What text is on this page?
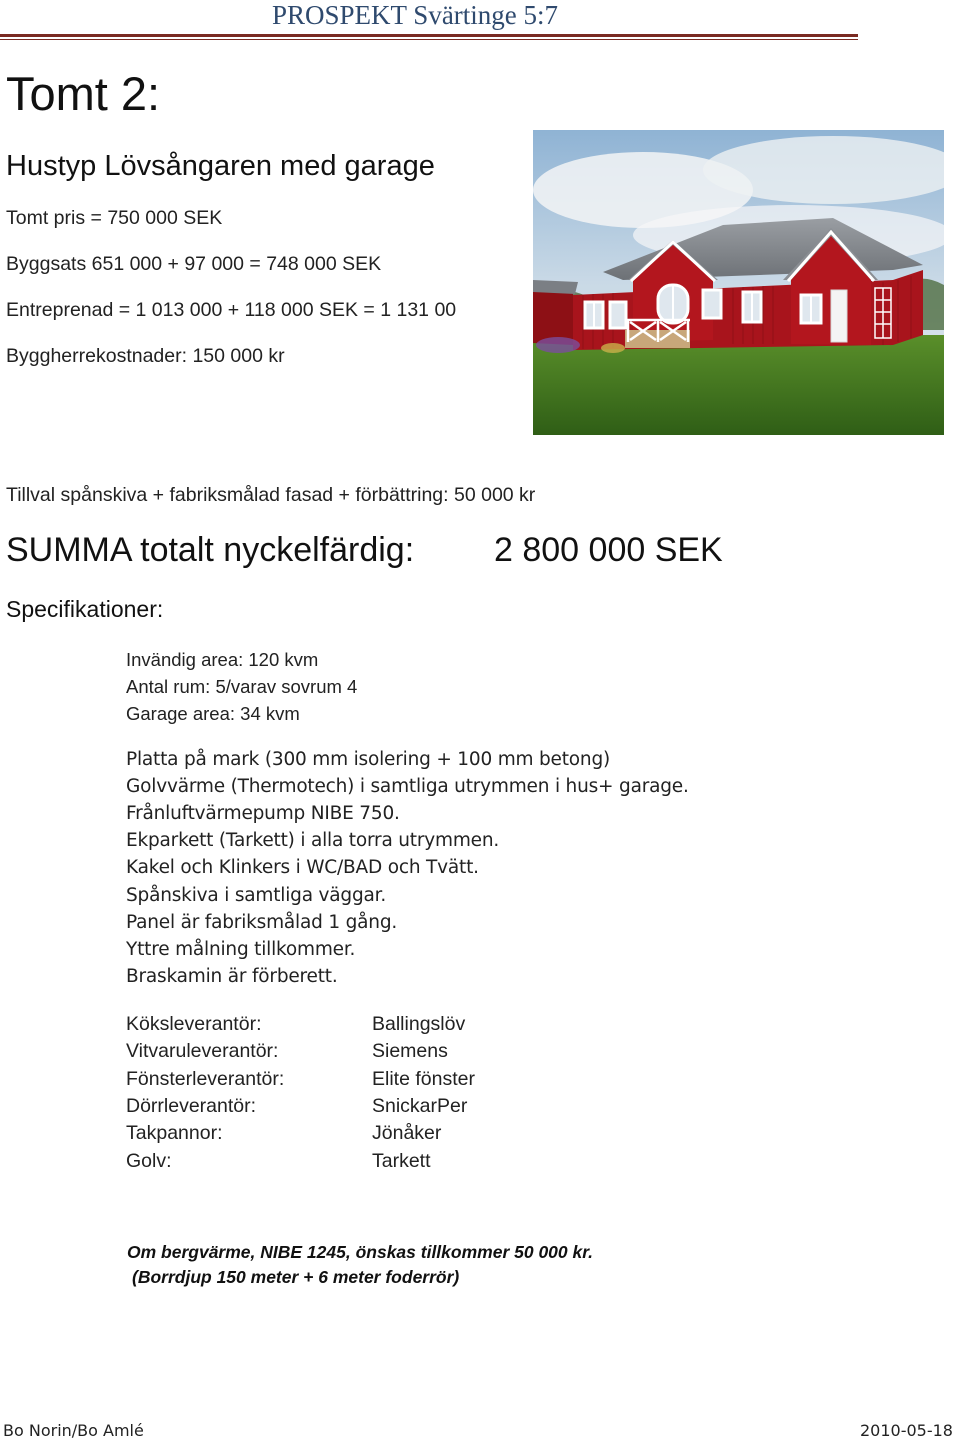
PROSPEKT Svärtinge 5:7
Tomt 2:
Hustyp Lövsångaren med garage
Tomt pris = 750 000 SEK
Byggsats 651 000 + 97 000 = 748 000 SEK
Entreprenad = 1 013 000 + 118 000 SEK = 1 131 00
Byggherrekostnader: 150 000 kr
Tillval spånskiva + fabriksmålad fasad + förbättring: 50 000 kr
SUMMA totalt nyckelfärdig: 2 800 000 SEK
Specifikationer:
Invändig area: 120 kvm
Antal rum: 5/varav sovrum 4
Garage area: 34 kvm
Platta på mark (300 mm isolering + 100 mm betong)
Golvvärme (Thermotech) i samtliga utrymmen i hus+ garage.
Frånluftvärmepump NIBE 750.
Ekparkett (Tarkett) i alla torra utrymmen.
Kakel och Klinkers i WC/BAD och Tvätt.
Spånskiva i samtliga väggar.
Panel är fabriksmålad 1 gång.
Yttre målning tillkommer.
Braskamin är förberett.
Köksleverantör:	Ballingslöv
Vitvaruleverantör:	Siemens
Fönsterleverantör:	Elite fönster
Dörrleverantör:	SnickarPer
Takpannor:	Jönåker
Golv:	Tarkett
Om bergvärme, NIBE 1245, önskas tillkommer 50 000 kr.
(Borrdjup 150 meter + 6 meter foderrör)
Bo Norin/Bo Amlé	2010-05-18
